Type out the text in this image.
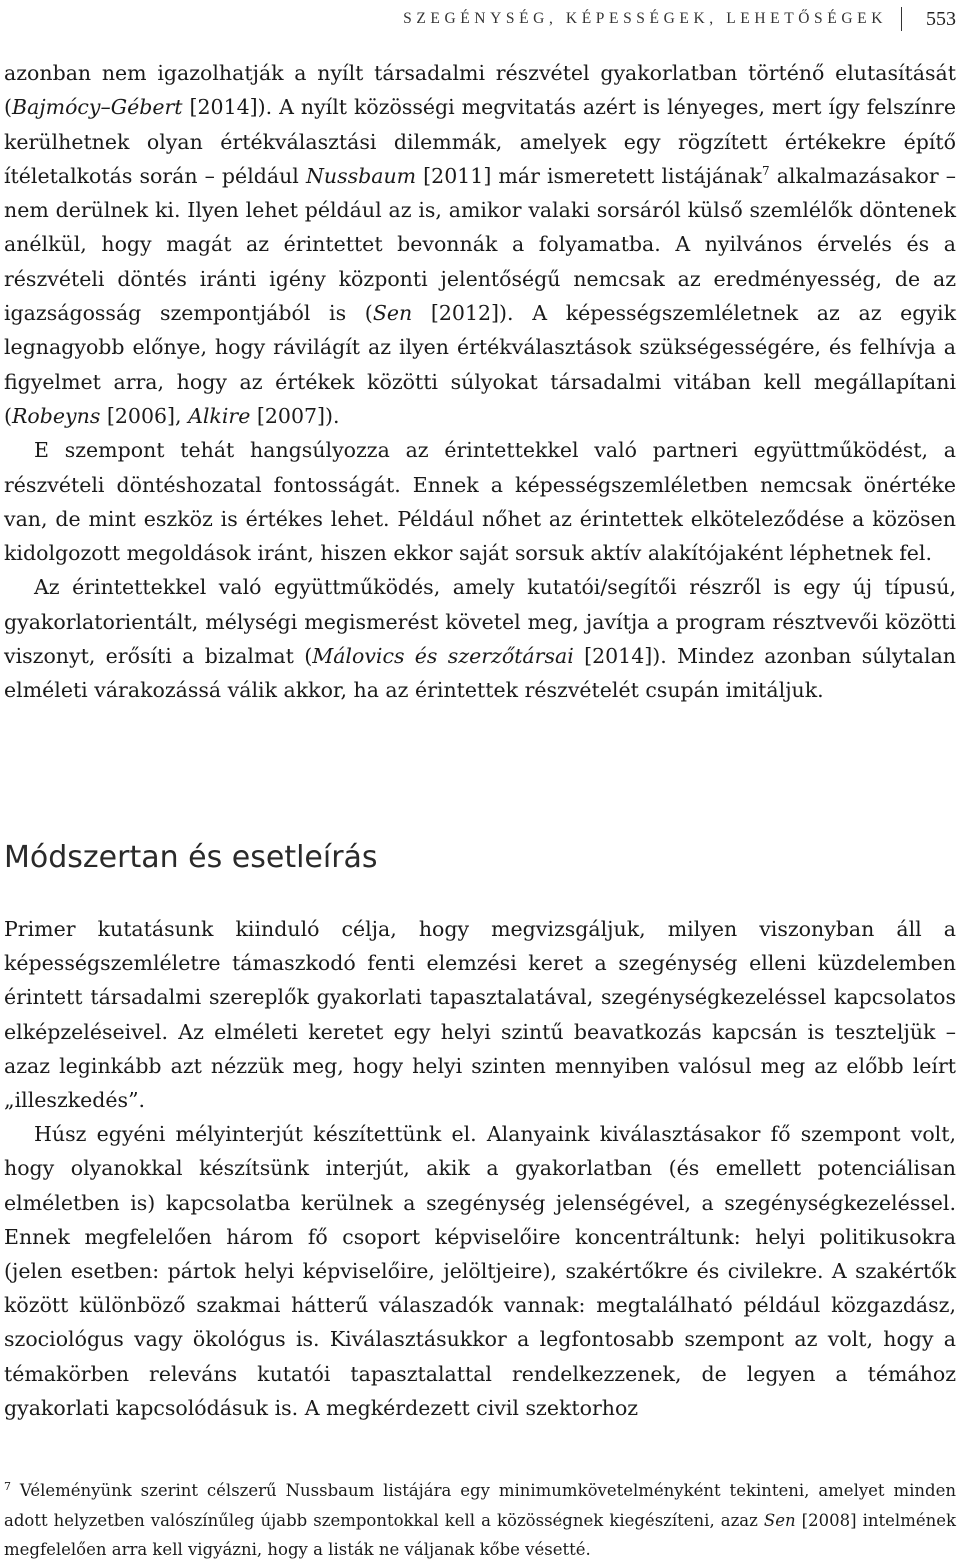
SZEGÉNYSÉG, KÉPESSÉGEK, LEHETŐSÉGEK 553

azonban nem igazolhatják a nyílt társadalmi részvétel gyakorlatban történő elutasítását (Bajmócy–Gébert [2014]). A nyílt közösségi megvitatás azért is lényeges, mert így felszínre kerülhetnek olyan értékválasztási dilemmák, amelyek egy rögzített értékekre építő ítéletalkotás során – például Nussbaum [2011] már ismeretett listájának$^7$ alkalmazásakor – nem derülnek ki. Ilyen lehet például az is, amikor valaki sorsáról külső szemlélők döntenek anélkül, hogy magát az érintettet bevonnák a folyamatba. A nyilvános érvelés és a részvételi döntés iránti igény központi jelentőségű nemcsak az eredményesség, de az igazságosság szempontjából is (Sen [2012]). A képességszemléletnek az az egyik legnagyobb előnye, hogy rávilágít az ilyen értékválasztások szükségességére, és felhívja a figyelmet arra, hogy az értékek közötti súlyokat társadalmi vitában kell megállapítani (Robeyns [2006], Alkire [2007]).

E szempont tehát hangsúlyozza az érintettekkel való partneri együttműködést, a részvételi döntéshozatal fontosságát. Ennek a képességszemléletben nemcsak önértéke van, de mint eszköz is értékes lehet. Például nőhet az érintettek elköteleződése a közösen kidolgozott megoldások iránt, hiszen ekkor saját sorsuk aktív alakítójaként léphetnek fel.

Az érintettekkel való együttműködés, amely kutatói/segítői részről is egy új típusú, gyakorlatorientált, mélységi megismerést követel meg, javítja a program résztvevői közötti viszonyt, erősíti a bizalmat (Málovics és szerzőtársai [2014]). Mindez azonban súlytalan elméleti várakozássá válik akkor, ha az érintettek részvételét csupán imitáljuk.

Módszertan és esetleírás

Primer kutatásunk kiinduló célja, hogy megvizsgáljuk, milyen viszonyban áll a képességszemléletre támaszkodó fenti elemzési keret a szegénység elleni küzdelemben érintett társadalmi szereplők gyakorlati tapasztalatával, szegénységkezeléssel kapcsolatos elképzeléseivel. Az elméleti keretet egy helyi szintű beavatkozás kapcsán is teszteljük – azaz leginkább azt nézzük meg, hogy helyi szinten mennyiben valósul meg az előbb leírt „illeszkedés”.

Húsz egyéni mélyinterjút készítettünk el. Alanyaink kiválasztásakor fő szempont volt, hogy olyanokkal készítsünk interjút, akik a gyakorlatban (és emellett potenciálisan elméletben is) kapcsolatba kerülnek a szegénység jelenségével, a szegénységkezeléssel. Ennek megfelelően három fő csoport képviselőire koncentráltunk: helyi politikusokra (jelen esetben: pártok helyi képviselőire, jelöltjeire), szakértőkre és civilekre. A szakértők között különböző szakmai hátterű válaszadók vannak: megtalálható például közgazdász, szociológus vagy ökológus is. Kiválasztásukkor a legfontosabb szempont az volt, hogy a témakörben releváns kutatói tapasztalattal rendelkezzenek, de legyen a témához gyakorlati kapcsolódásuk is. A megkérdezett civil szektorhoz

$^7$ Véleményünk szerint célszerű Nussbaum listájára egy minimumkövetelményként tekinteni, amelyet minden adott helyzetben valószínűleg újabb szempontokkal kell a közösségnek kiegészíteni, azaz Sen [2008] intelmének megfelelően arra kell vigyázni, hogy a listák ne váljanak kőbe vésetté.
